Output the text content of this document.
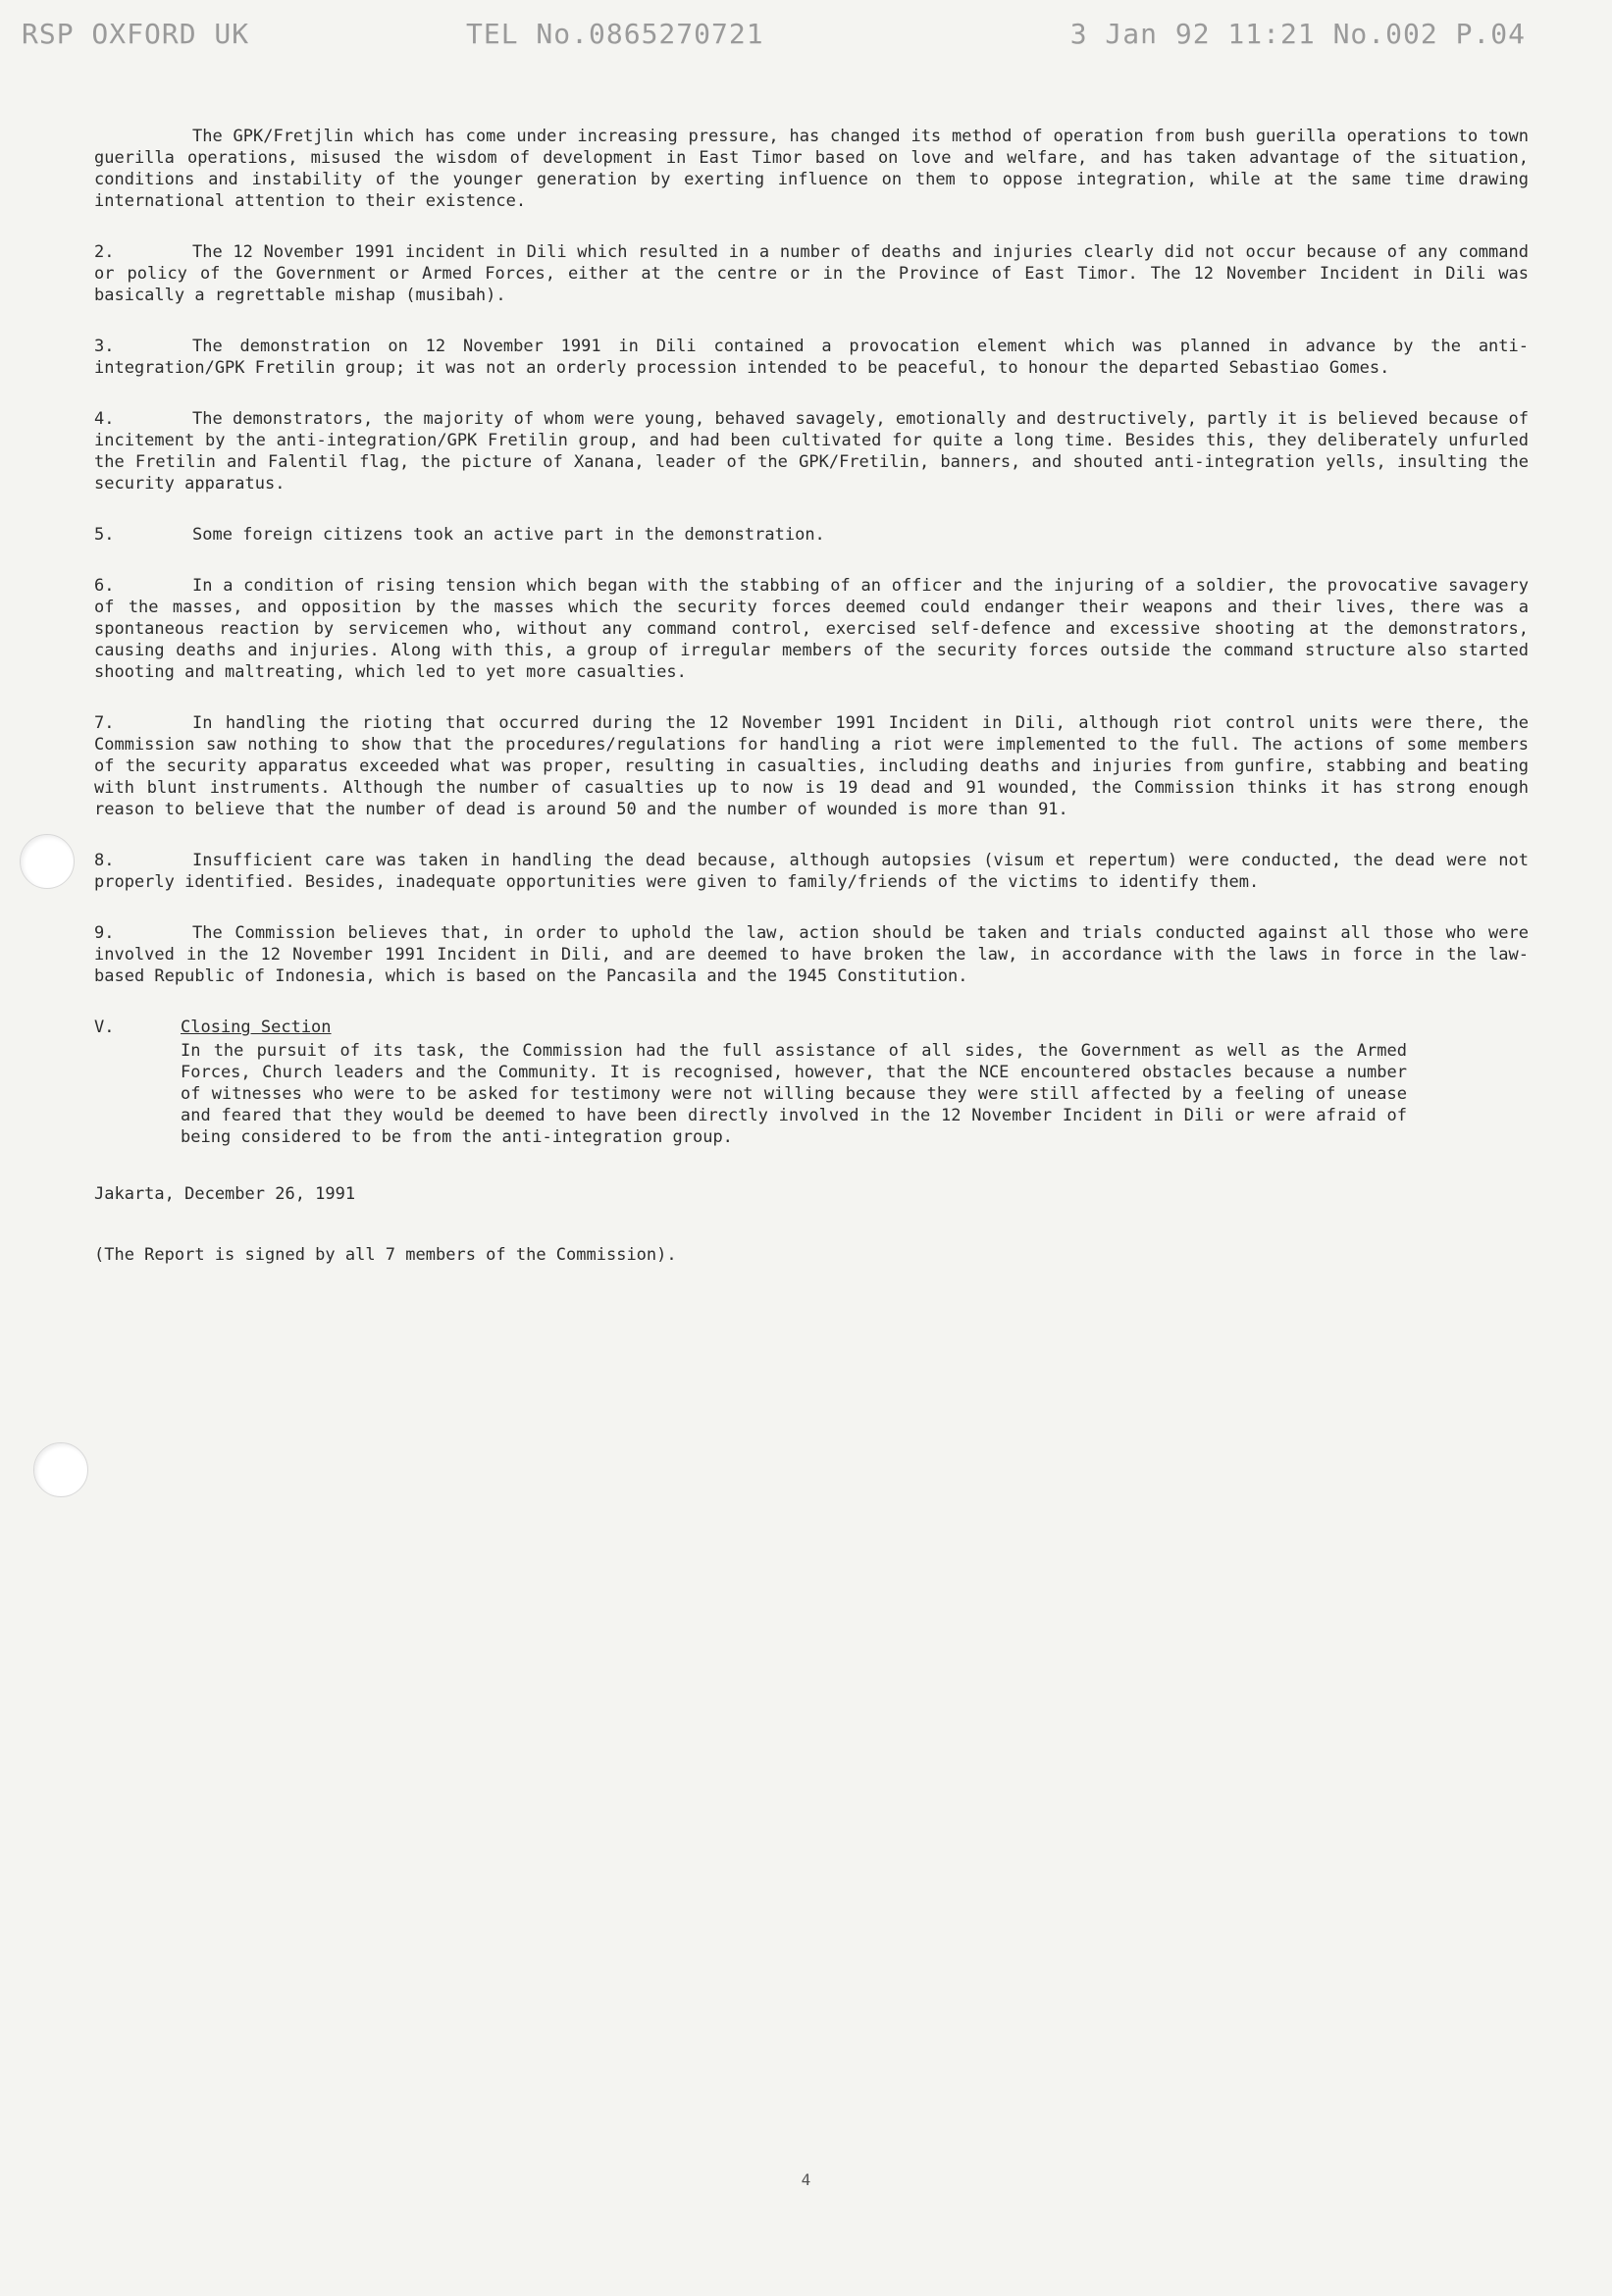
RSP OXFORD UK	TEL No.0865270721	3 Jan 92 11:21 No.002 P.04

The GPK/Fretjlin which has come under increasing pressure, has changed its method of operation from bush guerilla operations to town guerilla operations, misused the wisdom of development in East Timor based on love and welfare, and has taken advantage of the situation, conditions and instability of the younger generation by exerting influence on them to oppose integration, while at the same time drawing international attention to their existence.

2.	The 12 November 1991 incident in Dili which resulted in a number of deaths and injuries clearly did not occur because of any command or policy of the Government or Armed Forces, either at the centre or in the Province of East Timor. The 12 November Incident in Dili was basically a regrettable mishap (musibah).

3.	The demonstration on 12 November 1991 in Dili contained a provocation element which was planned in advance by the anti-integration/GPK Fretilin group; it was not an orderly procession intended to be peaceful, to honour the departed Sebastiao Gomes.

4.	The demonstrators, the majority of whom were young, behaved savagely, emotionally and destructively, partly it is believed because of incitement by the anti-integration/GPK Fretilin group, and had been cultivated for quite a long time. Besides this, they deliberately unfurled the Fretilin and Falentil flag, the picture of Xanana, leader of the GPK/Fretilin, banners, and shouted anti-integration yells, insulting the security apparatus.

5.	Some foreign citizens took an active part in the demonstration.

6.	In a condition of rising tension which began with the stabbing of an officer and the injuring of a soldier, the provocative savagery of the masses, and opposition by the masses which the security forces deemed could endanger their weapons and their lives, there was a spontaneous reaction by servicemen who, without any command control, exercised self-defence and excessive shooting at the demonstrators, causing deaths and injuries. Along with this, a group of irregular members of the security forces outside the command structure also started shooting and maltreating, which led to yet more casualties.

7.	In handling the rioting that occurred during the 12 November 1991 Incident in Dili, although riot control units were there, the Commission saw nothing to show that the procedures/regulations for handling a riot were implemented to the full. The actions of some members of the security apparatus exceeded what was proper, resulting in casualties, including deaths and injuries from gunfire, stabbing and beating with blunt instruments. Although the number of casualties up to now is 19 dead and 91 wounded, the Commission thinks it has strong enough reason to believe that the number of dead is around 50 and the number of wounded is more than 91.

8.	Insufficient care was taken in handling the dead because, although autopsies (visum et repertum) were conducted, the dead were not properly identified. Besides, inadequate opportunities were given to family/friends of the victims to identify them.

9.	The Commission believes that, in order to uphold the law, action should be taken and trials conducted against all those who were involved in the 12 November 1991 Incident in Dili, and are deemed to have broken the law, in accordance with the laws in force in the law-based Republic of Indonesia, which is based on the Pancasila and the 1945 Constitution.

V.	Closing Section
In the pursuit of its task, the Commission had the full assistance of all sides, the Government as well as the Armed Forces, Church leaders and the Community. It is recognised, however, that the NCE encountered obstacles because a number of witnesses who were to be asked for testimony were not willing because they were still affected by a feeling of unease and feared that they would be deemed to have been directly involved in the 12 November Incident in Dili or were afraid of being considered to be from the anti-integration group.

Jakarta, December 26, 1991

(The Report is signed by all 7 members of the Commission).

4
